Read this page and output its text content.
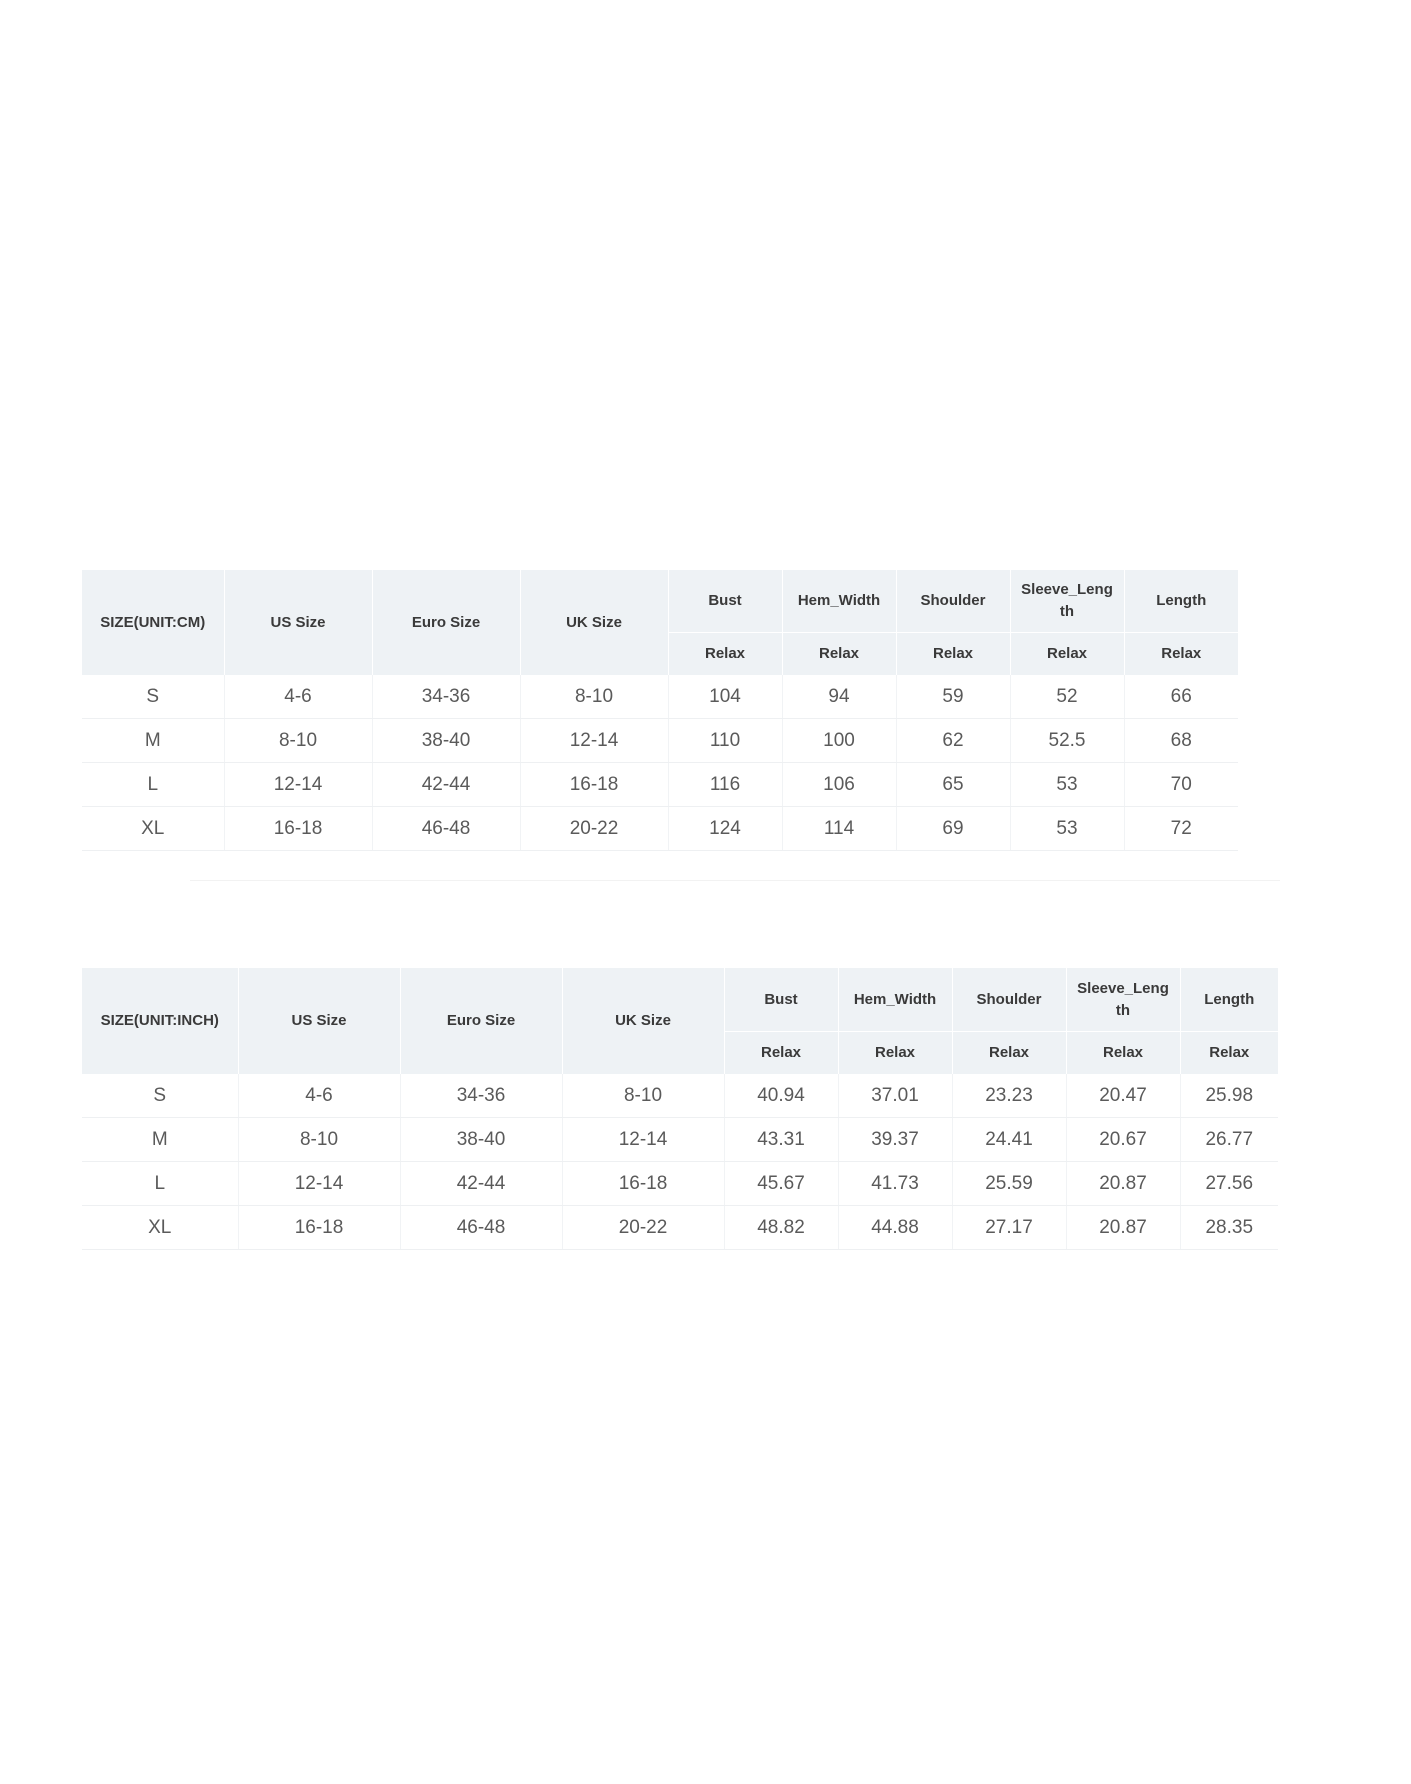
SIZE(UNIT:CM)	US Size	Euro Size	UK Size	Bust	Hem_Width	Shoulder	Sleeve_Leng th	Length
				Relax	Relax	Relax	Relax	Relax
S	4-6	34-36	8-10	104	94	59	52	66
M	8-10	38-40	12-14	110	100	62	52.5	68
L	12-14	42-44	16-18	116	106	65	53	70
XL	16-18	46-48	20-22	124	114	69	53	72
SIZE(UNIT:INCH)	US Size	Euro Size	UK Size	Bust	Hem_Width	Shoulder	Sleeve_Leng th	Length
				Relax	Relax	Relax	Relax	Relax
S	4-6	34-36	8-10	40.94	37.01	23.23	20.47	25.98
M	8-10	38-40	12-14	43.31	39.37	24.41	20.67	26.77
L	12-14	42-44	16-18	45.67	41.73	25.59	20.87	27.56
XL	16-18	46-48	20-22	48.82	44.88	27.17	20.87	28.35
